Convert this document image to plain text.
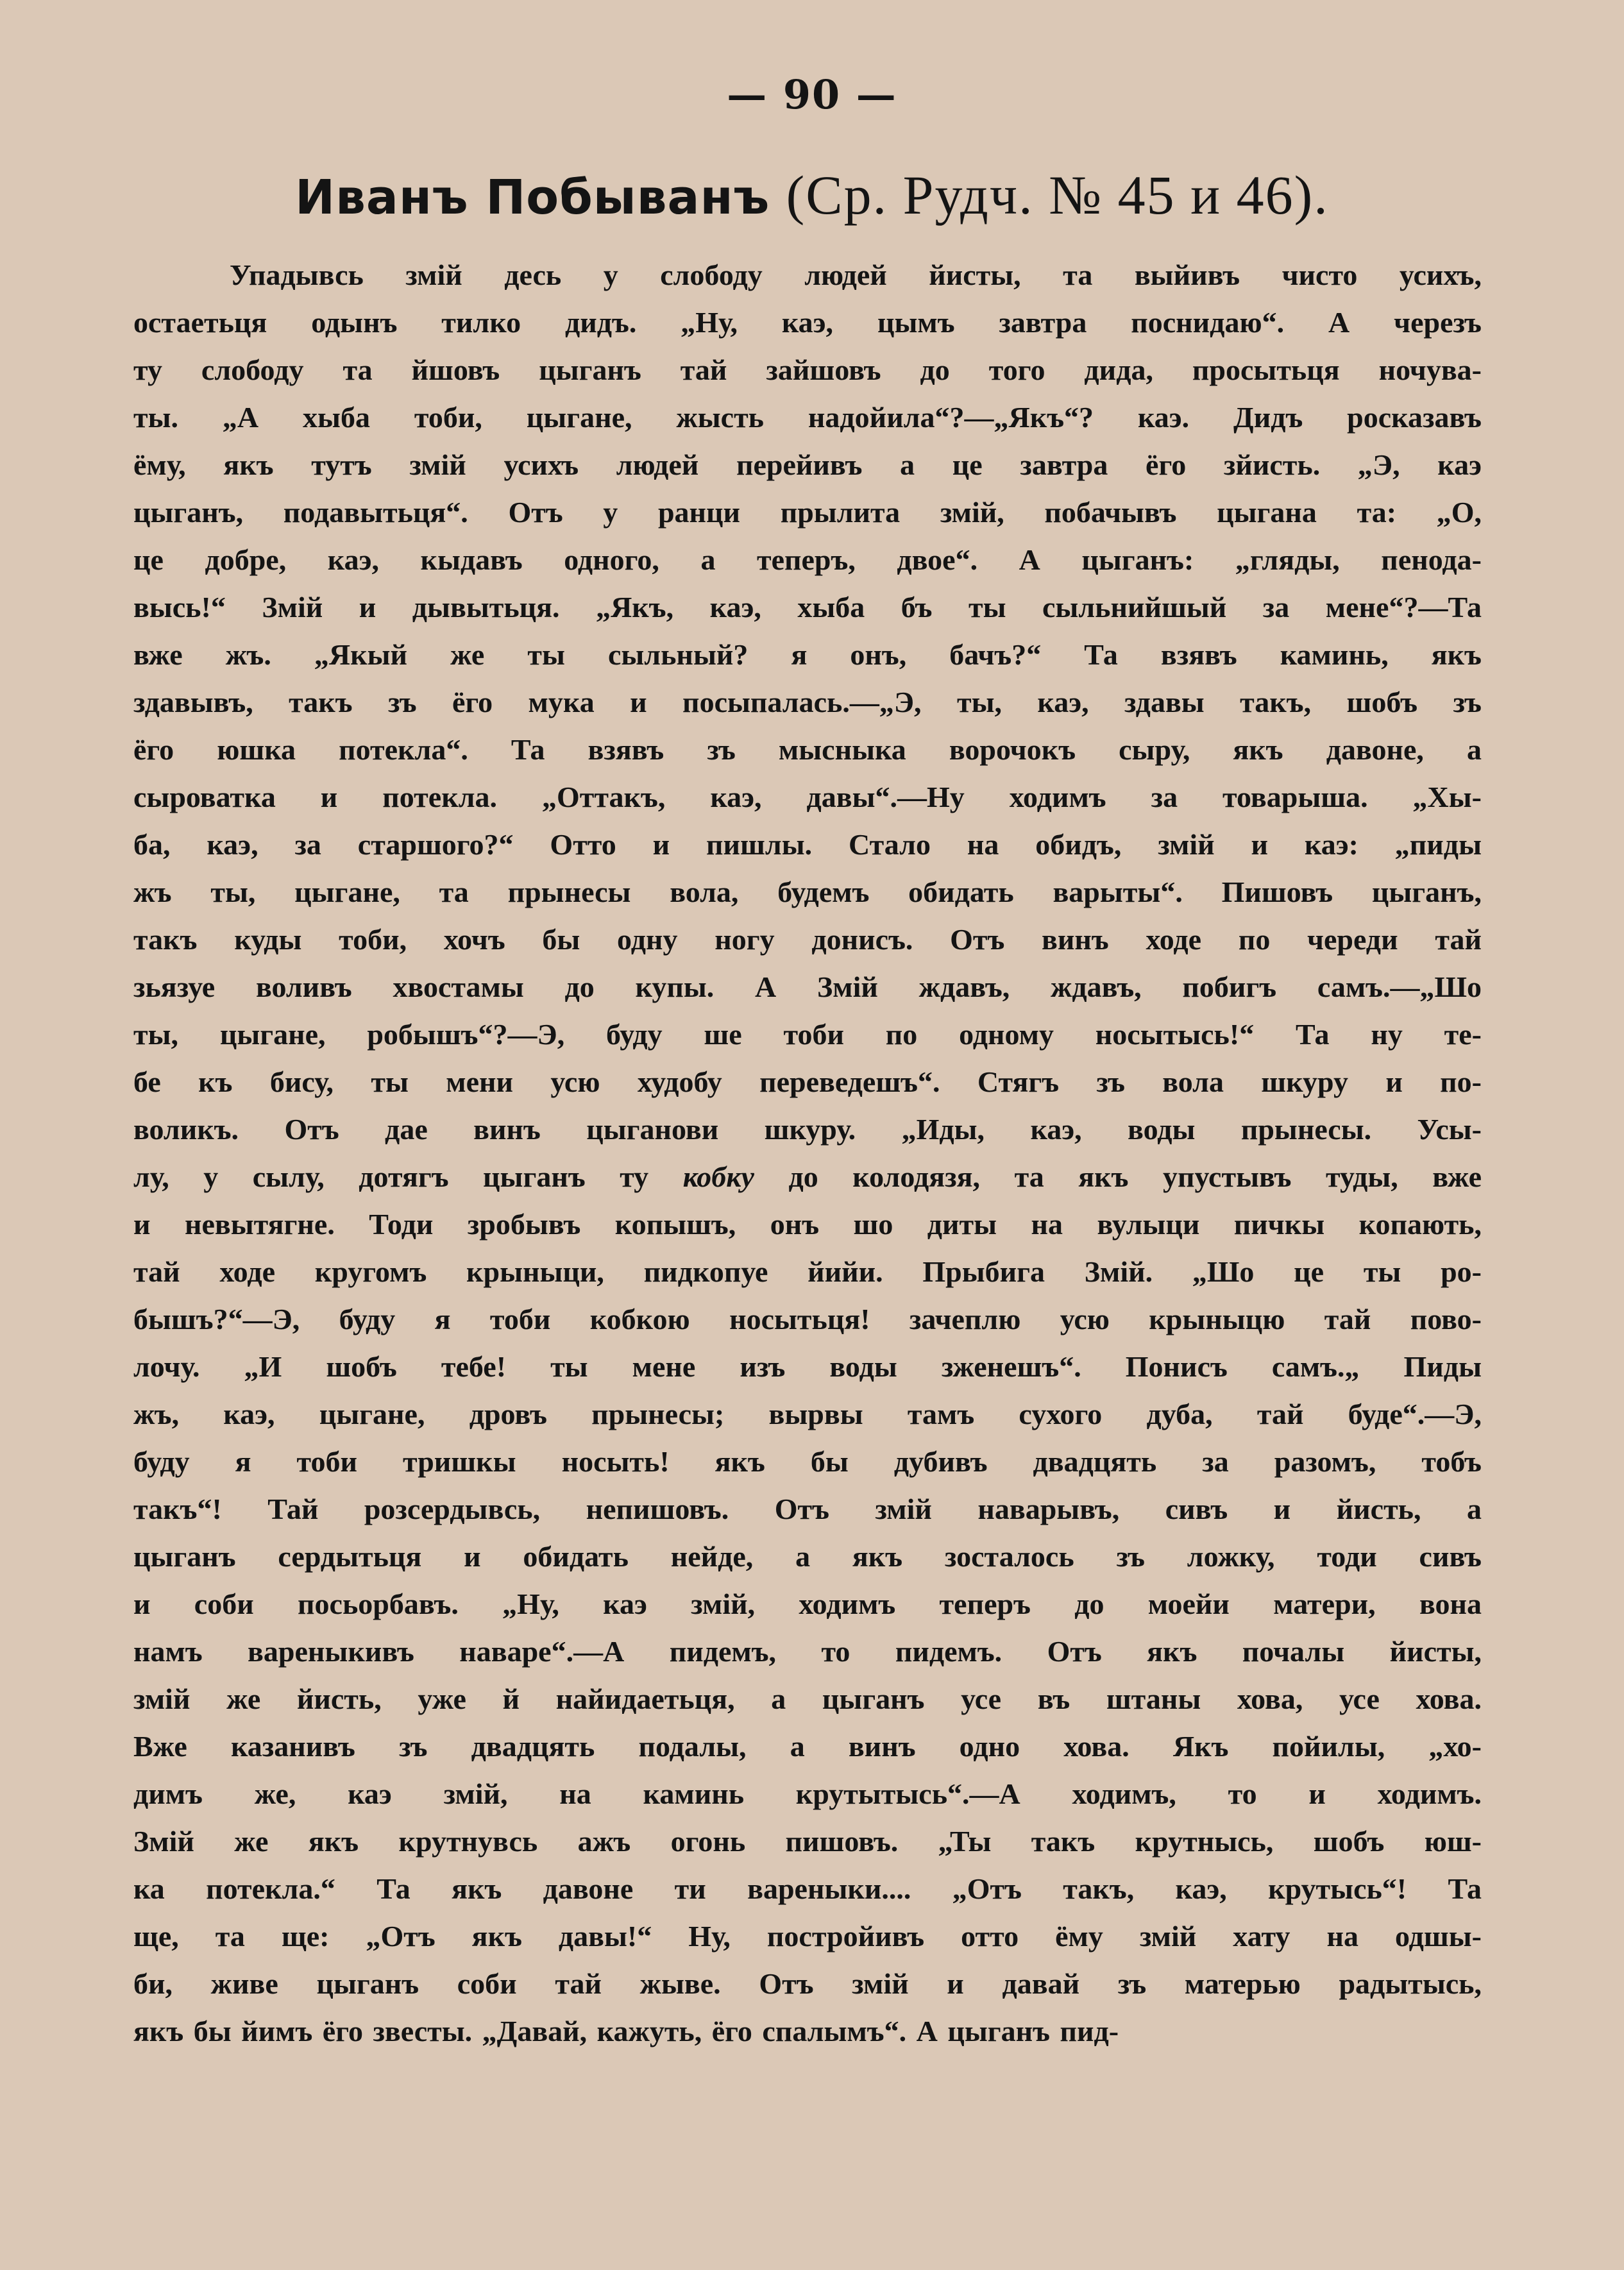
— 90 —
Иванъ Побыванъ (Ср. Рудч. № 45 и 46).
Упадывсь змій десь у слободу людей йисты, та выйивъ чисто усихъ,
остаетьця одынъ тилко дидъ. „Ну, каэ, цымъ завтра поснидаю“. А черезъ
ту слободу та йшовъ цыганъ тай зайшовъ до того дида, просытьця ночува-
ты. „А хыба тоби, цыгане, жысть надойила“?—„Якъ“? каэ. Дидъ росказавъ
ёму, якъ тутъ змій усихъ людей перейивъ а це завтра ёго зйисть. „Э, каэ
цыганъ, подавытьця“. Отъ у ранци прылита змій, побачывъ цыгана та: „О,
це добре, каэ, кыдавъ одного, а теперъ, двое“. А цыганъ: „гляды, пенода-
высь!“ Змій и дывытьця. „Якъ, каэ, хыба бъ ты сыльнийшый за мене“?—Та
вже жъ. „Якый же ты сыльный? я онъ, бачъ?“ Та взявъ каминь, якъ
здавывъ, такъ зъ ёго мука и посыпалась.—„Э, ты, каэ, здавы такъ, шобъ зъ
ёго юшка потекла“. Та взявъ зъ мысныка ворочокъ сыру, якъ давоне, а
сыроватка и потекла. „Оттакъ, каэ, давы“.—Ну ходимъ за товарыша. „Хы-
ба, каэ, за старшого?“ Отто и пишлы. Стало на обидъ, змій и каэ: „пиды
жъ ты, цыгане, та прынесы вола, будемъ обидать варыты“. Пишовъ цыганъ,
такъ куды тоби, хочъ бы одну ногу донисъ. Отъ винъ ходе по череди тай
зьязуе воливъ хвостамы до купы. А Змій ждавъ, ждавъ, побигъ самъ.—„Шо
ты, цыгане, робышъ“?—Э, буду ше тоби по одному носытысь!“ Та ну те-
бе къ бису, ты мени усю худобу переведешъ“. Стягъ зъ вола шкуру и по-
воликъ. Отъ дае винъ цыганови шкуру. „Иды, каэ, воды прынесы. Усы-
лу, у сылу, дотягъ цыганъ ту кобку до колодязя, та якъ упустывъ туды, вже
и невытягне. Тоди зробывъ копышъ, онъ шо диты на вулыци пичкы копають,
тай ходе кругомъ крыныци, пидкопуе йийи. Прыбига Змій. „Шо це ты ро-
бышъ?“—Э, буду я тоби кобкою носытьця! зачеплю усю крыныцю тай пово-
лочу. „И шобъ тебе! ты мене изъ воды зженешъ“. Понисъ самъ.„ Пиды
жъ, каэ, цыгане, дровъ прынесы; вырвы тамъ сухого дуба, тай буде“.—Э,
буду я тоби тришкы носыть! якъ бы дубивъ двадцять за разомъ, тобъ
такъ“! Тай розсердывсь, непишовъ. Отъ змій наварывъ, сивъ и йисть, а
цыганъ сердытьця и обидать нейде, а якъ зосталось зъ ложку, тоди сивъ
и соби посьорбавъ. „Ну, каэ змій, ходимъ теперъ до моейи матери, вона
намъ вареныкивъ наваре“.—А пидемъ, то пидемъ. Отъ якъ почалы йисты,
змій же йисть, уже й найидаетьця, а цыганъ усе въ штаны хова, усе хова.
Вже казанивъ зъ двадцять подалы, а винъ одно хова. Якъ пойилы, „хо-
димъ же, каэ змій, на каминь крутытысь“.—А ходимъ, то и ходимъ.
Змій же якъ крутнувсь ажъ огонь пишовъ. „Ты такъ крутнысь, шобъ юш-
ка потекла.“ Та якъ давоне ти вареныки.... „Отъ такъ, каэ, крутысь“! Та
ще, та ще: „Отъ якъ давы!“ Ну, постройивъ отто ёму змій хату на одшы-
би, живе цыганъ соби тай жыве. Отъ змій и давай зъ матерью радытысь,
якъ бы йимъ ёго звесты. „Давай, кажуть, ёго спалымъ“. А цыганъ пид-
